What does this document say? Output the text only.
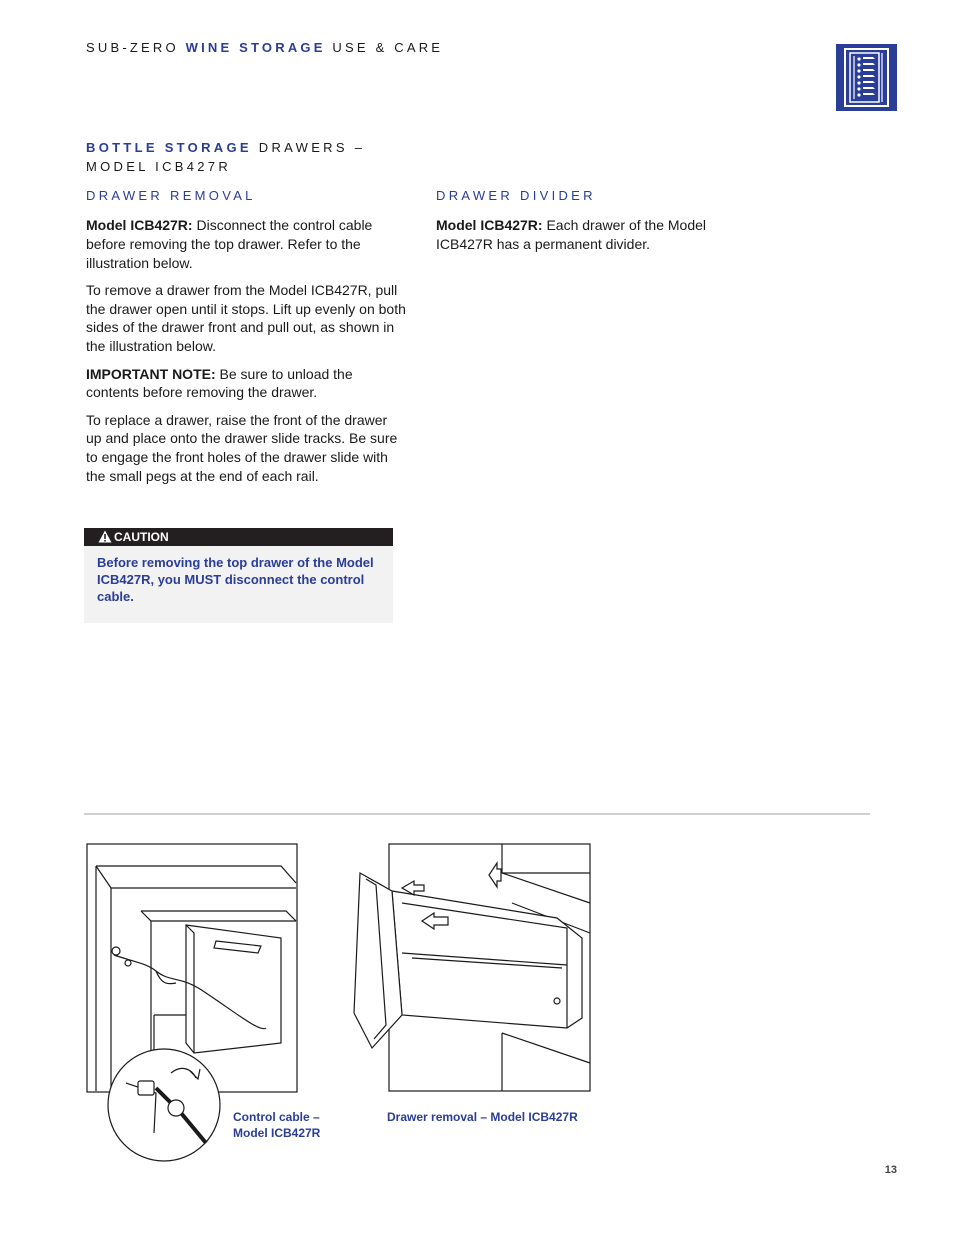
SUB-ZERO WINE STORAGE USE & CARE
BOTTLE STORAGE DRAWERS –
MODEL ICB427R
DRAWER REMOVAL

Model ICB427R: Disconnect the control cable before removing the top drawer. Refer to the illustration below.

To remove a drawer from the Model ICB427R, pull the drawer open until it stops. Lift up evenly on both sides of the drawer front and pull out, as shown in the illustration below.

IMPORTANT NOTE: Be sure to unload the contents before removing the drawer.

To replace a drawer, raise the front of the drawer up and place onto the drawer slide tracks. Be sure to engage the front holes of the drawer slide with the small pegs at the end of each rail.

CAUTION
Before removing the top drawer of the Model ICB427R, you MUST disconnect the control cable.
DRAWER DIVIDER

Model ICB427R: Each drawer of the Model ICB427R has a permanent divider.

Control cable –
Model ICB427R
Drawer removal – Model ICB427R
13
